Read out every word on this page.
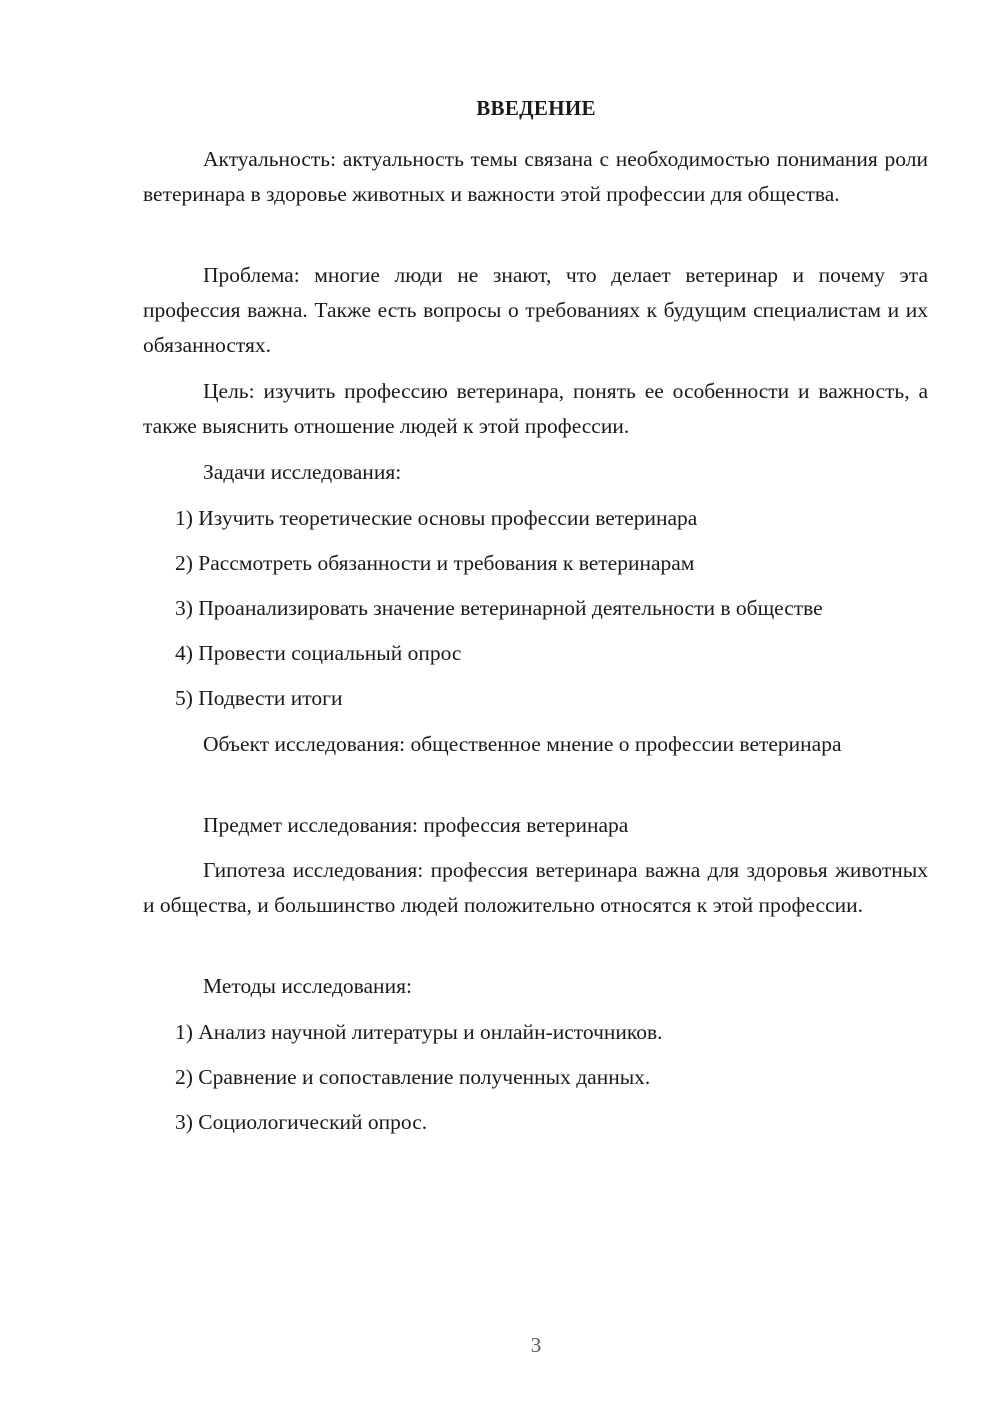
ВВЕДЕНИЕ

Актуальность: актуальность темы связана с необходимостью понимания роли ветеринара в здоровье животных и важности этой профессии для общества.

Проблема: многие люди не знают, что делает ветеринар и почему эта профессия важна. Также есть вопросы о требованиях к будущим специалистам и их обязанностях.

Цель: изучить профессию ветеринара, понять ее особенности и важность, а также выяснить отношение людей к этой профессии.

Задачи исследования:

1) Изучить теоретические основы профессии ветеринара

2) Рассмотреть обязанности и требования к ветеринарам

3) Проанализировать значение ветеринарной деятельности в обществе

4) Провести социальный опрос

5) Подвести итоги

Объект исследования: общественное мнение о профессии ветеринара

Предмет исследования: профессия ветеринара

Гипотеза исследования: профессия ветеринара важна для здоровья животных и общества, и большинство людей положительно относятся к этой профессии.

Методы исследования:

1) Анализ научной литературы и онлайн-источников.

2) Сравнение и сопоставление полученных данных.

3) Социологический опрос.

3
